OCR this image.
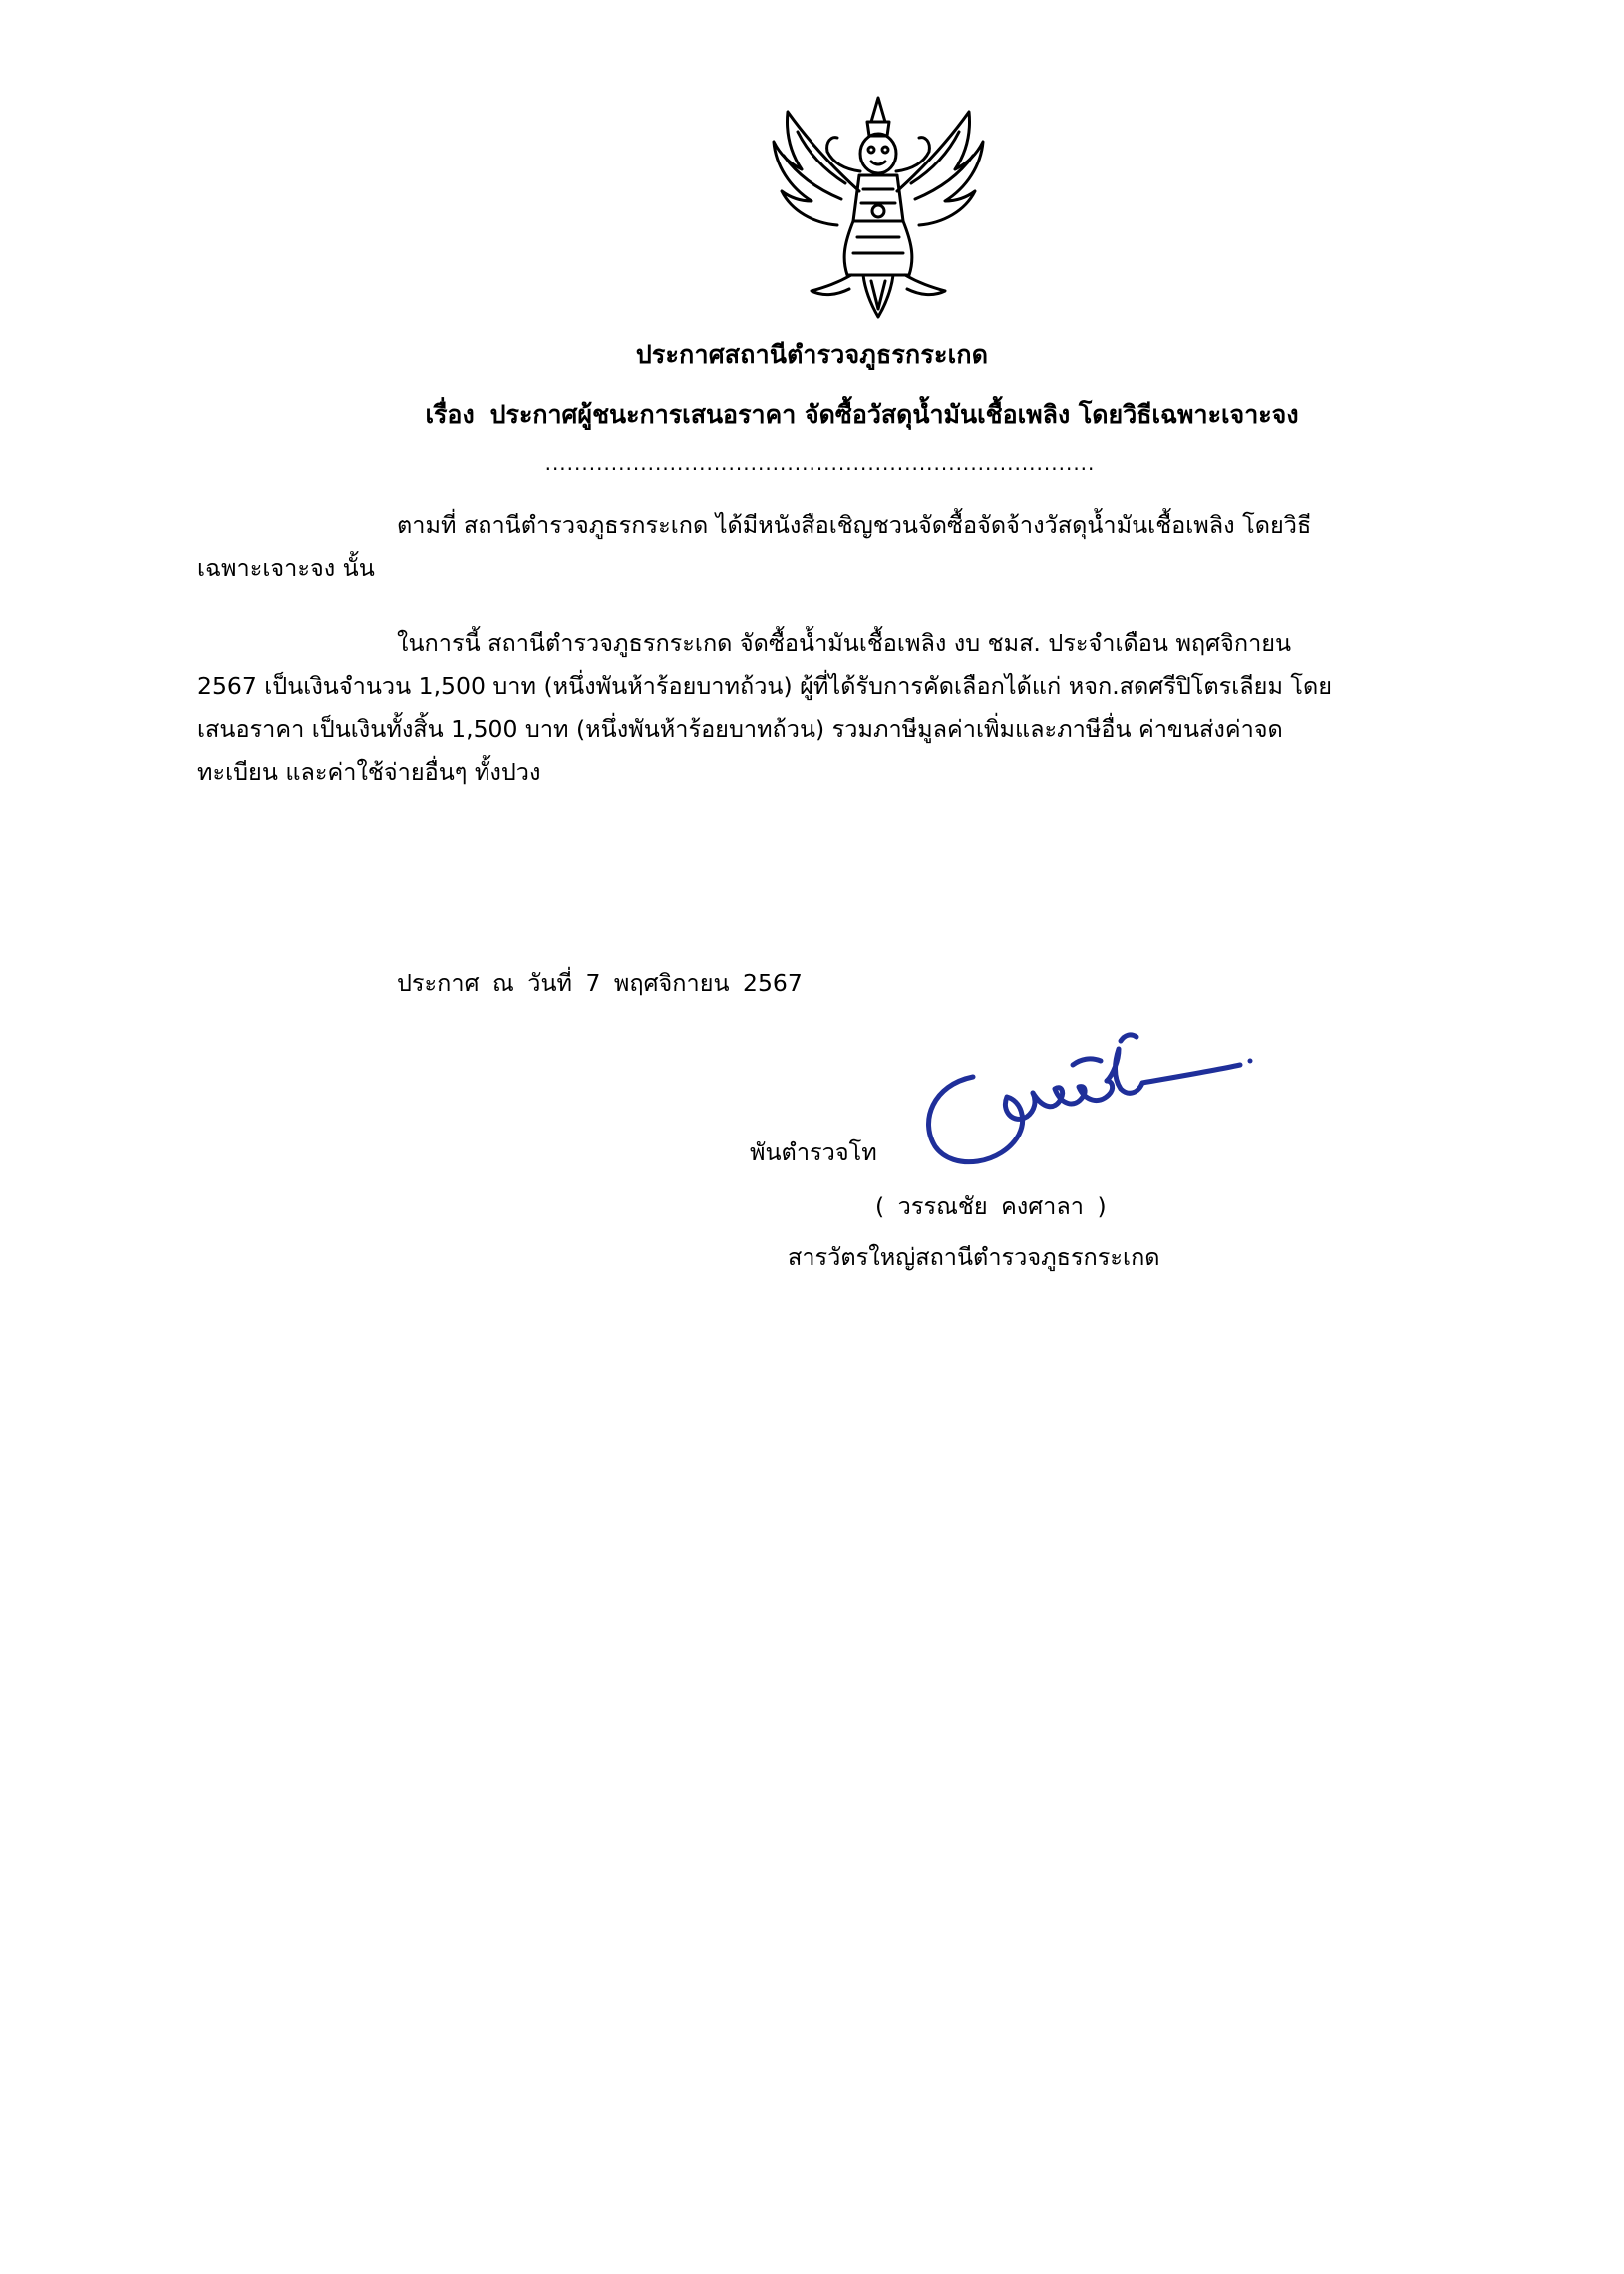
ประกาศสถานีตำรวจภูธรกระเกด
เรื่อง ประกาศผู้ชนะการเสนอราคา จัดซื้อวัสดุน้ำมันเชื้อเพลิง โดยวิธีเฉพาะเจาะจง
...........................................................................
ตามที่ สถานีตำรวจภูธรกระเกด ได้มีหนังสือเชิญชวนจัดซื้อจัดจ้างวัสดุน้ำมันเชื้อเพลิง โดยวิธี
เฉพาะเจาะจง นั้น
ในการนี้ สถานีตำรวจภูธรกระเกด จัดซื้อน้ำมันเชื้อเพลิง งบ ชมส. ประจำเดือน พฤศจิกายน
2567 เป็นเงินจำนวน 1,500 บาท (หนึ่งพันห้าร้อยบาทถ้วน) ผู้ที่ได้รับการคัดเลือกได้แก่ หจก.สดศรีปิโตรเลียม โดย
เสนอราคา เป็นเงินทั้งสิ้น 1,500 บาท (หนึ่งพันห้าร้อยบาทถ้วน) รวมภาษีมูลค่าเพิ่มและภาษีอื่น ค่าขนส่งค่าจด
ทะเบียน และค่าใช้จ่ายอื่นๆ ทั้งปวง
ประกาศ ณ วันที่ 7 พฤศจิกายน 2567
พันตำรวจโท
( วรรณชัย คงศาลา )
สารวัตรใหญ่สถานีตำรวจภูธรกระเกด
